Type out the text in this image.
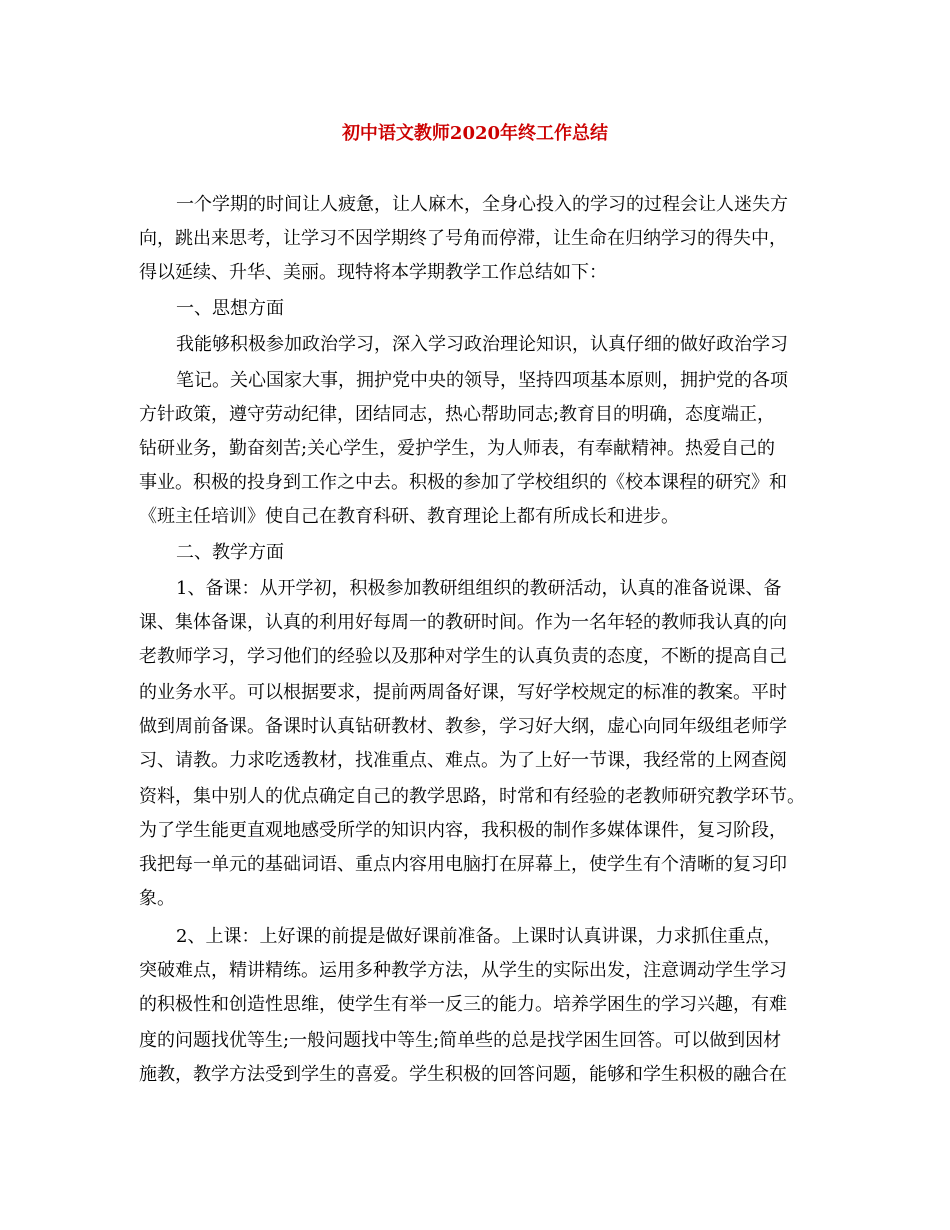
初中语文教师2020年终工作总结
一个学期的时间让人疲惫，让人麻木，全身心投入的学习的过程会让人迷失方
向，跳出来思考，让学习不因学期终了号角而停滞，让生命在归纳学习的得失中，
得以延续、升华、美丽。现特将本学期教学工作总结如下：
一、思想方面
我能够积极参加政治学习，深入学习政治理论知识，认真仔细的做好政治学习
笔记。关心国家大事，拥护党中央的领导，坚持四项基本原则，拥护党的各项
方针政策，遵守劳动纪律，团结同志，热心帮助同志;教育目的明确，态度端正，
钻研业务，勤奋刻苦;关心学生，爱护学生，为人师表，有奉献精神。热爱自己的
事业。积极的投身到工作之中去。积极的参加了学校组织的《校本课程的研究》和
《班主任培训》使自己在教育科研、教育理论上都有所成长和进步。
二、教学方面
1、备课：从开学初，积极参加教研组组织的教研活动，认真的准备说课、备
课、集体备课，认真的利用好每周一的教研时间。作为一名年轻的教师我认真的向
老教师学习，学习他们的经验以及那种对学生的认真负责的态度，不断的提高自己
的业务水平。可以根据要求，提前两周备好课，写好学校规定的标准的教案。平时
做到周前备课。备课时认真钻研教材、教参，学习好大纲，虚心向同年级组老师学
习、请教。力求吃透教材，找准重点、难点。为了上好一节课，我经常的上网查阅
资料，集中别人的优点确定自己的教学思路，时常和有经验的老教师研究教学环节。
为了学生能更直观地感受所学的知识内容，我积极的制作多媒体课件，复习阶段，
我把每一单元的基础词语、重点内容用电脑打在屏幕上，使学生有个清晰的复习印
象。
2、上课：上好课的前提是做好课前准备。上课时认真讲课，力求抓住重点，
突破难点，精讲精练。运用多种教学方法，从学生的实际出发，注意调动学生学习
的积极性和创造性思维，使学生有举一反三的能力。培养学困生的学习兴趣，有难
度的问题找优等生;一般问题找中等生;简单些的总是找学困生回答。可以做到因材
施教，教学方法受到学生的喜爱。学生积极的回答问题，能够和学生积极的融合在
